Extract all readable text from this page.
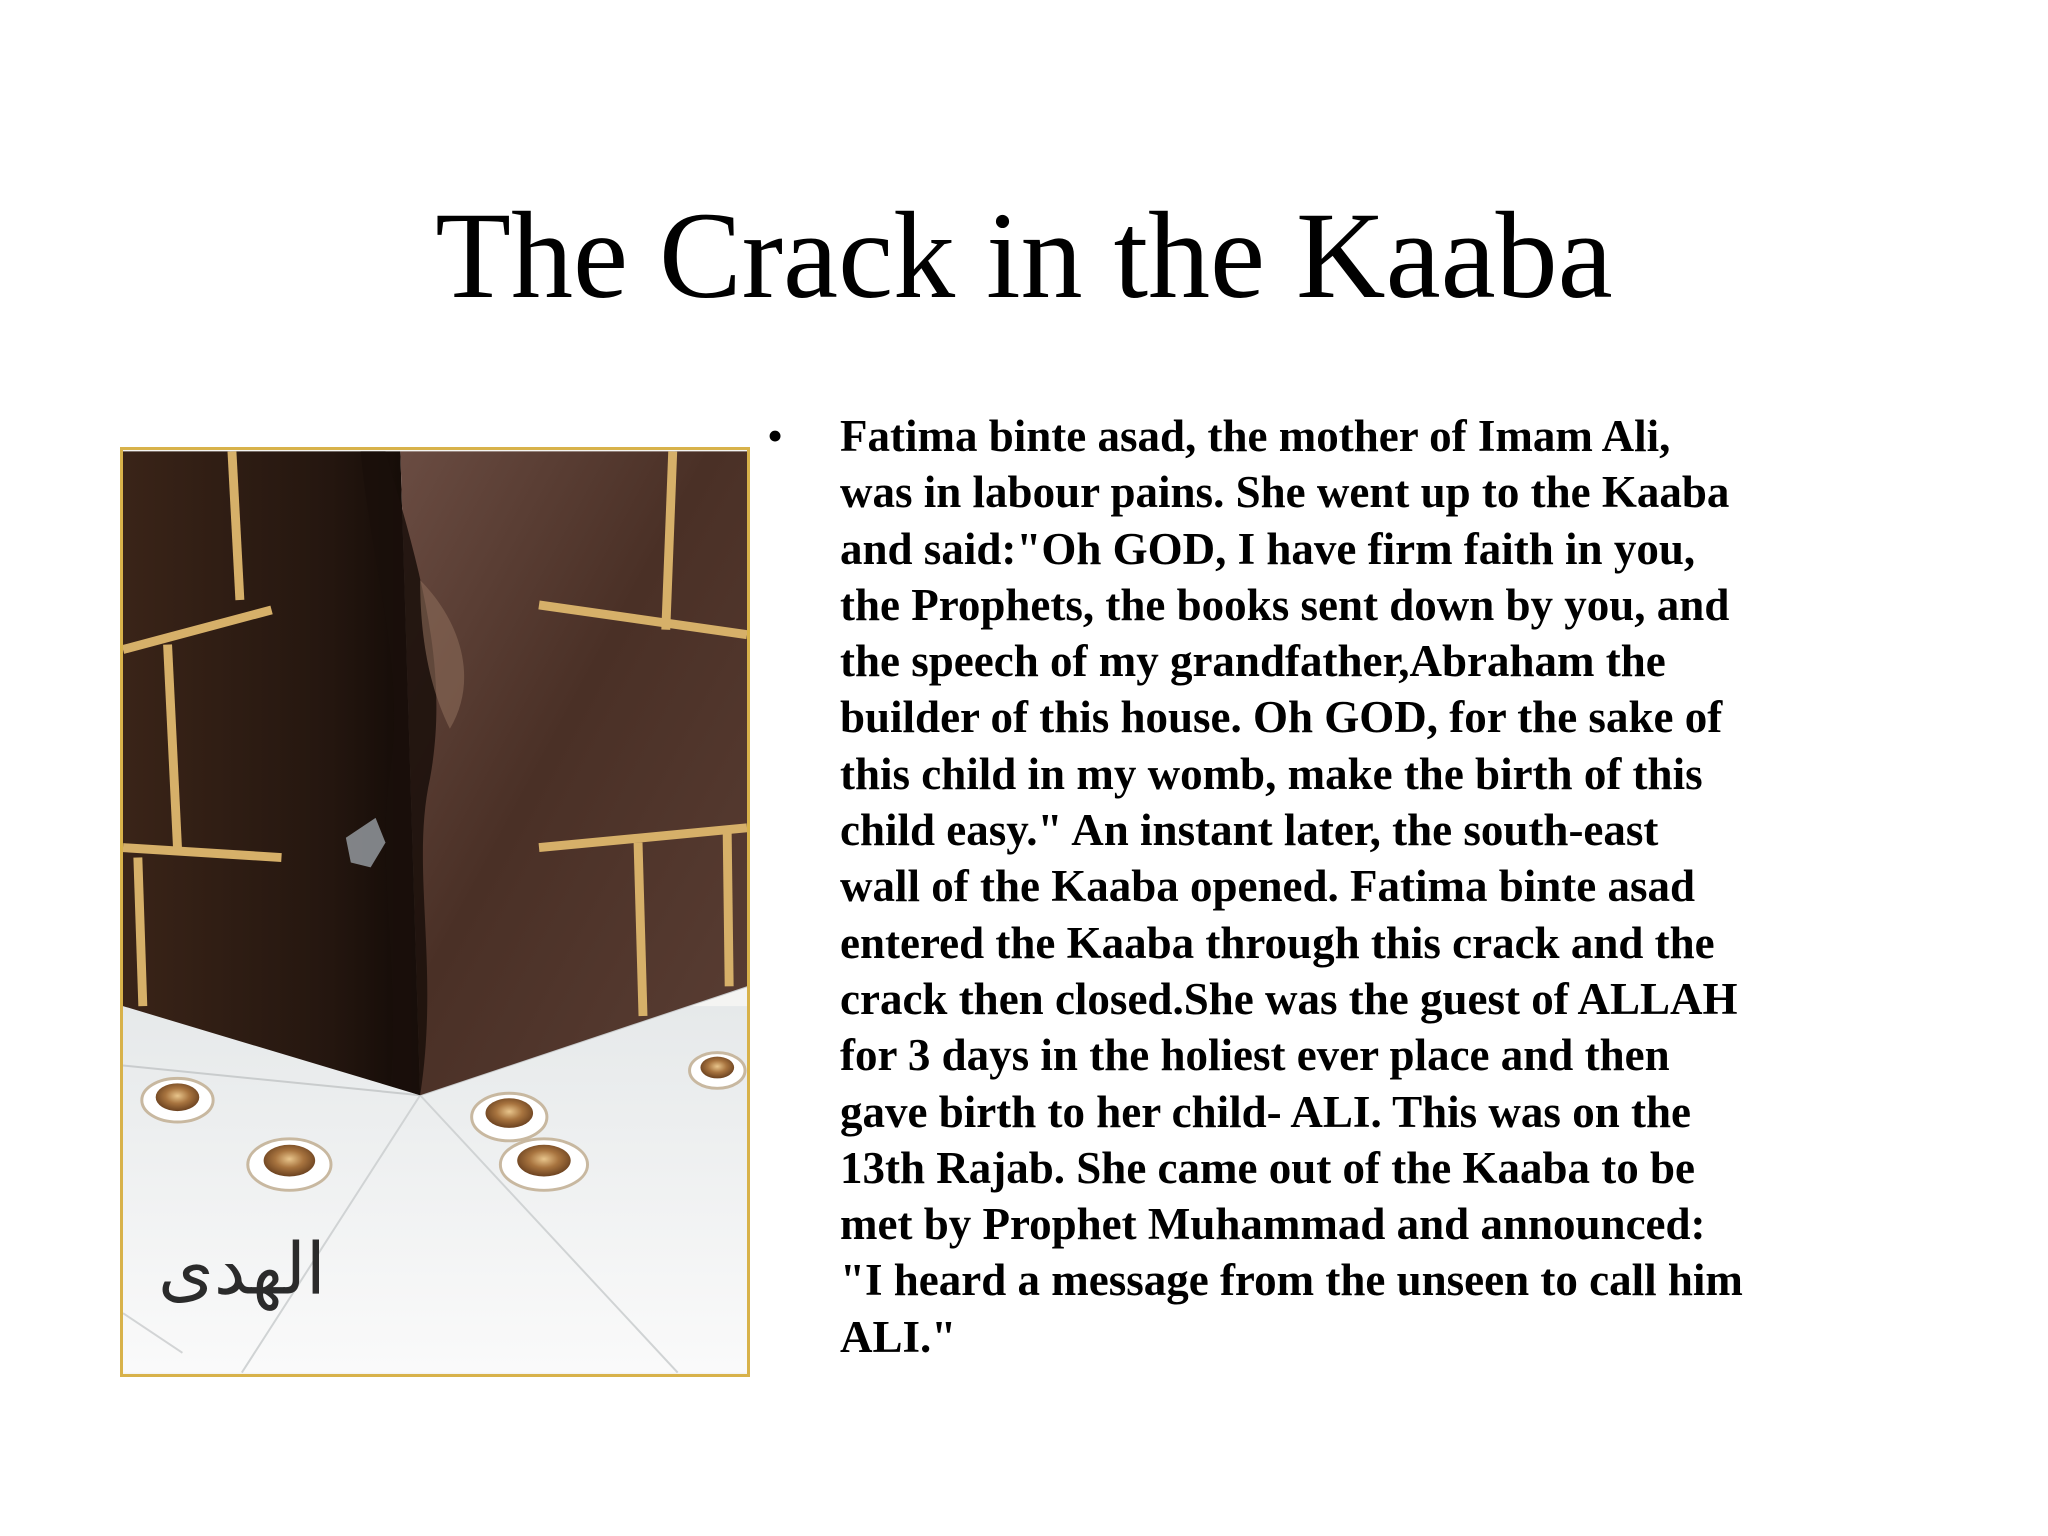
The Crack in the Kaaba
الهدى
• Fatima binte asad, the mother of Imam Ali,
was in labour pains. She went up to the Kaaba
and said:"Oh GOD, I have firm faith in you,
the Prophets, the books sent down by you, and
the speech of my grandfather,Abraham the
builder of this house. Oh GOD, for the sake of
this child in my womb, make the birth of this
child easy." An instant later, the south-east
wall of the Kaaba opened. Fatima binte asad
entered the Kaaba through this crack and the
crack then closed.She was the guest of ALLAH
for 3 days in the holiest ever place and then
gave birth to her child- ALI. This was on the
13th Rajab. She came out of the Kaaba to be
met by Prophet Muhammad and announced:
"I heard a message from the unseen to call him
ALI."
